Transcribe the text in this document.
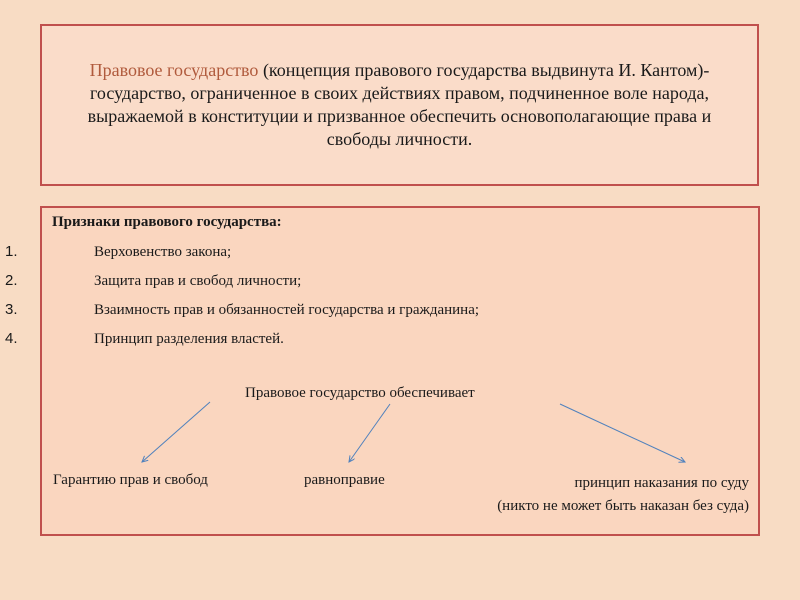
Правовое государство (концепция правового государства выдвинута И. Кантом)- государство, ограниченное в своих действиях правом, подчиненное воле народа, выражаемой в конституции и призванное обеспечить основополагающие права и свободы личности.

Признаки правового государства:
1.	Верховенство закона;
2.	Защита прав и свобод личности;
3.	Взаимность прав и обязанностей государства и гражданина;
4.	Принцип разделения властей.
Правовое государство обеспечивает
Гарантию прав и свобод	равноправие	принцип наказания по суду
(никто не может быть наказан без суда)
